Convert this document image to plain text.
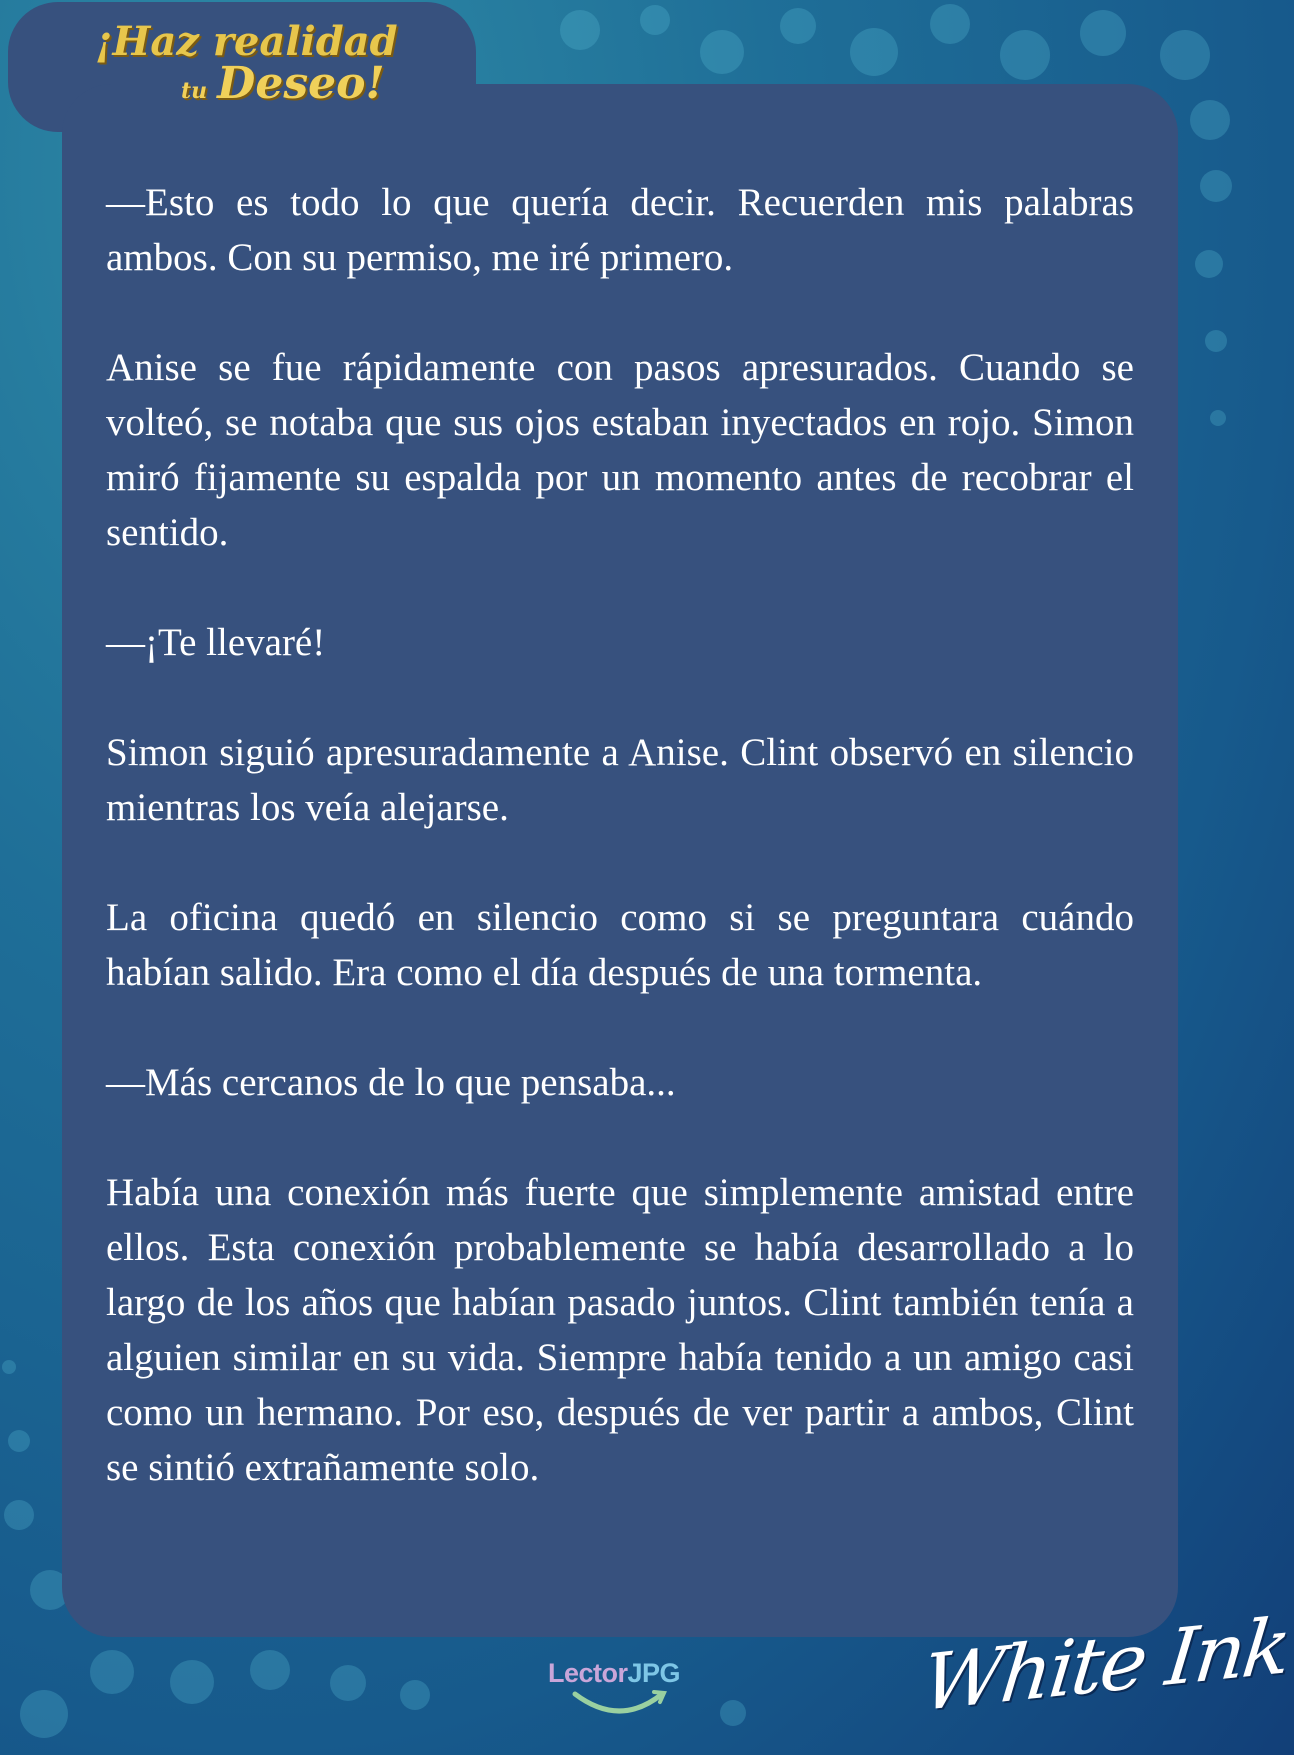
¡Haz realidad
tu Deseo!

—Esto es todo lo que quería decir. Recuerden mis palabras ambos. Con su permiso, me iré primero.

Anise se fue rápidamente con pasos apresurados. Cuando se volteó, se notaba que sus ojos estaban inyectados en rojo. Simon miró fijamente su espalda por un momento antes de recobrar el sentido.

—¡Te llevaré!

Simon siguió apresuradamente a Anise. Clint observó en silencio mientras los veía alejarse.

La oficina quedó en silencio como si se preguntara cuándo habían salido. Era como el día después de una tormenta.

—Más cercanos de lo que pensaba...

Había una conexión más fuerte que simplemente amistad entre ellos. Esta conexión probablemente se había desarrollado a lo largo de los años que habían pasado juntos. Clint también tenía a alguien similar en su vida. Siempre había tenido a un amigo casi como un hermano. Por eso, después de ver partir a ambos, Clint se sintió extrañamente solo.

LectorJPG	White Ink
